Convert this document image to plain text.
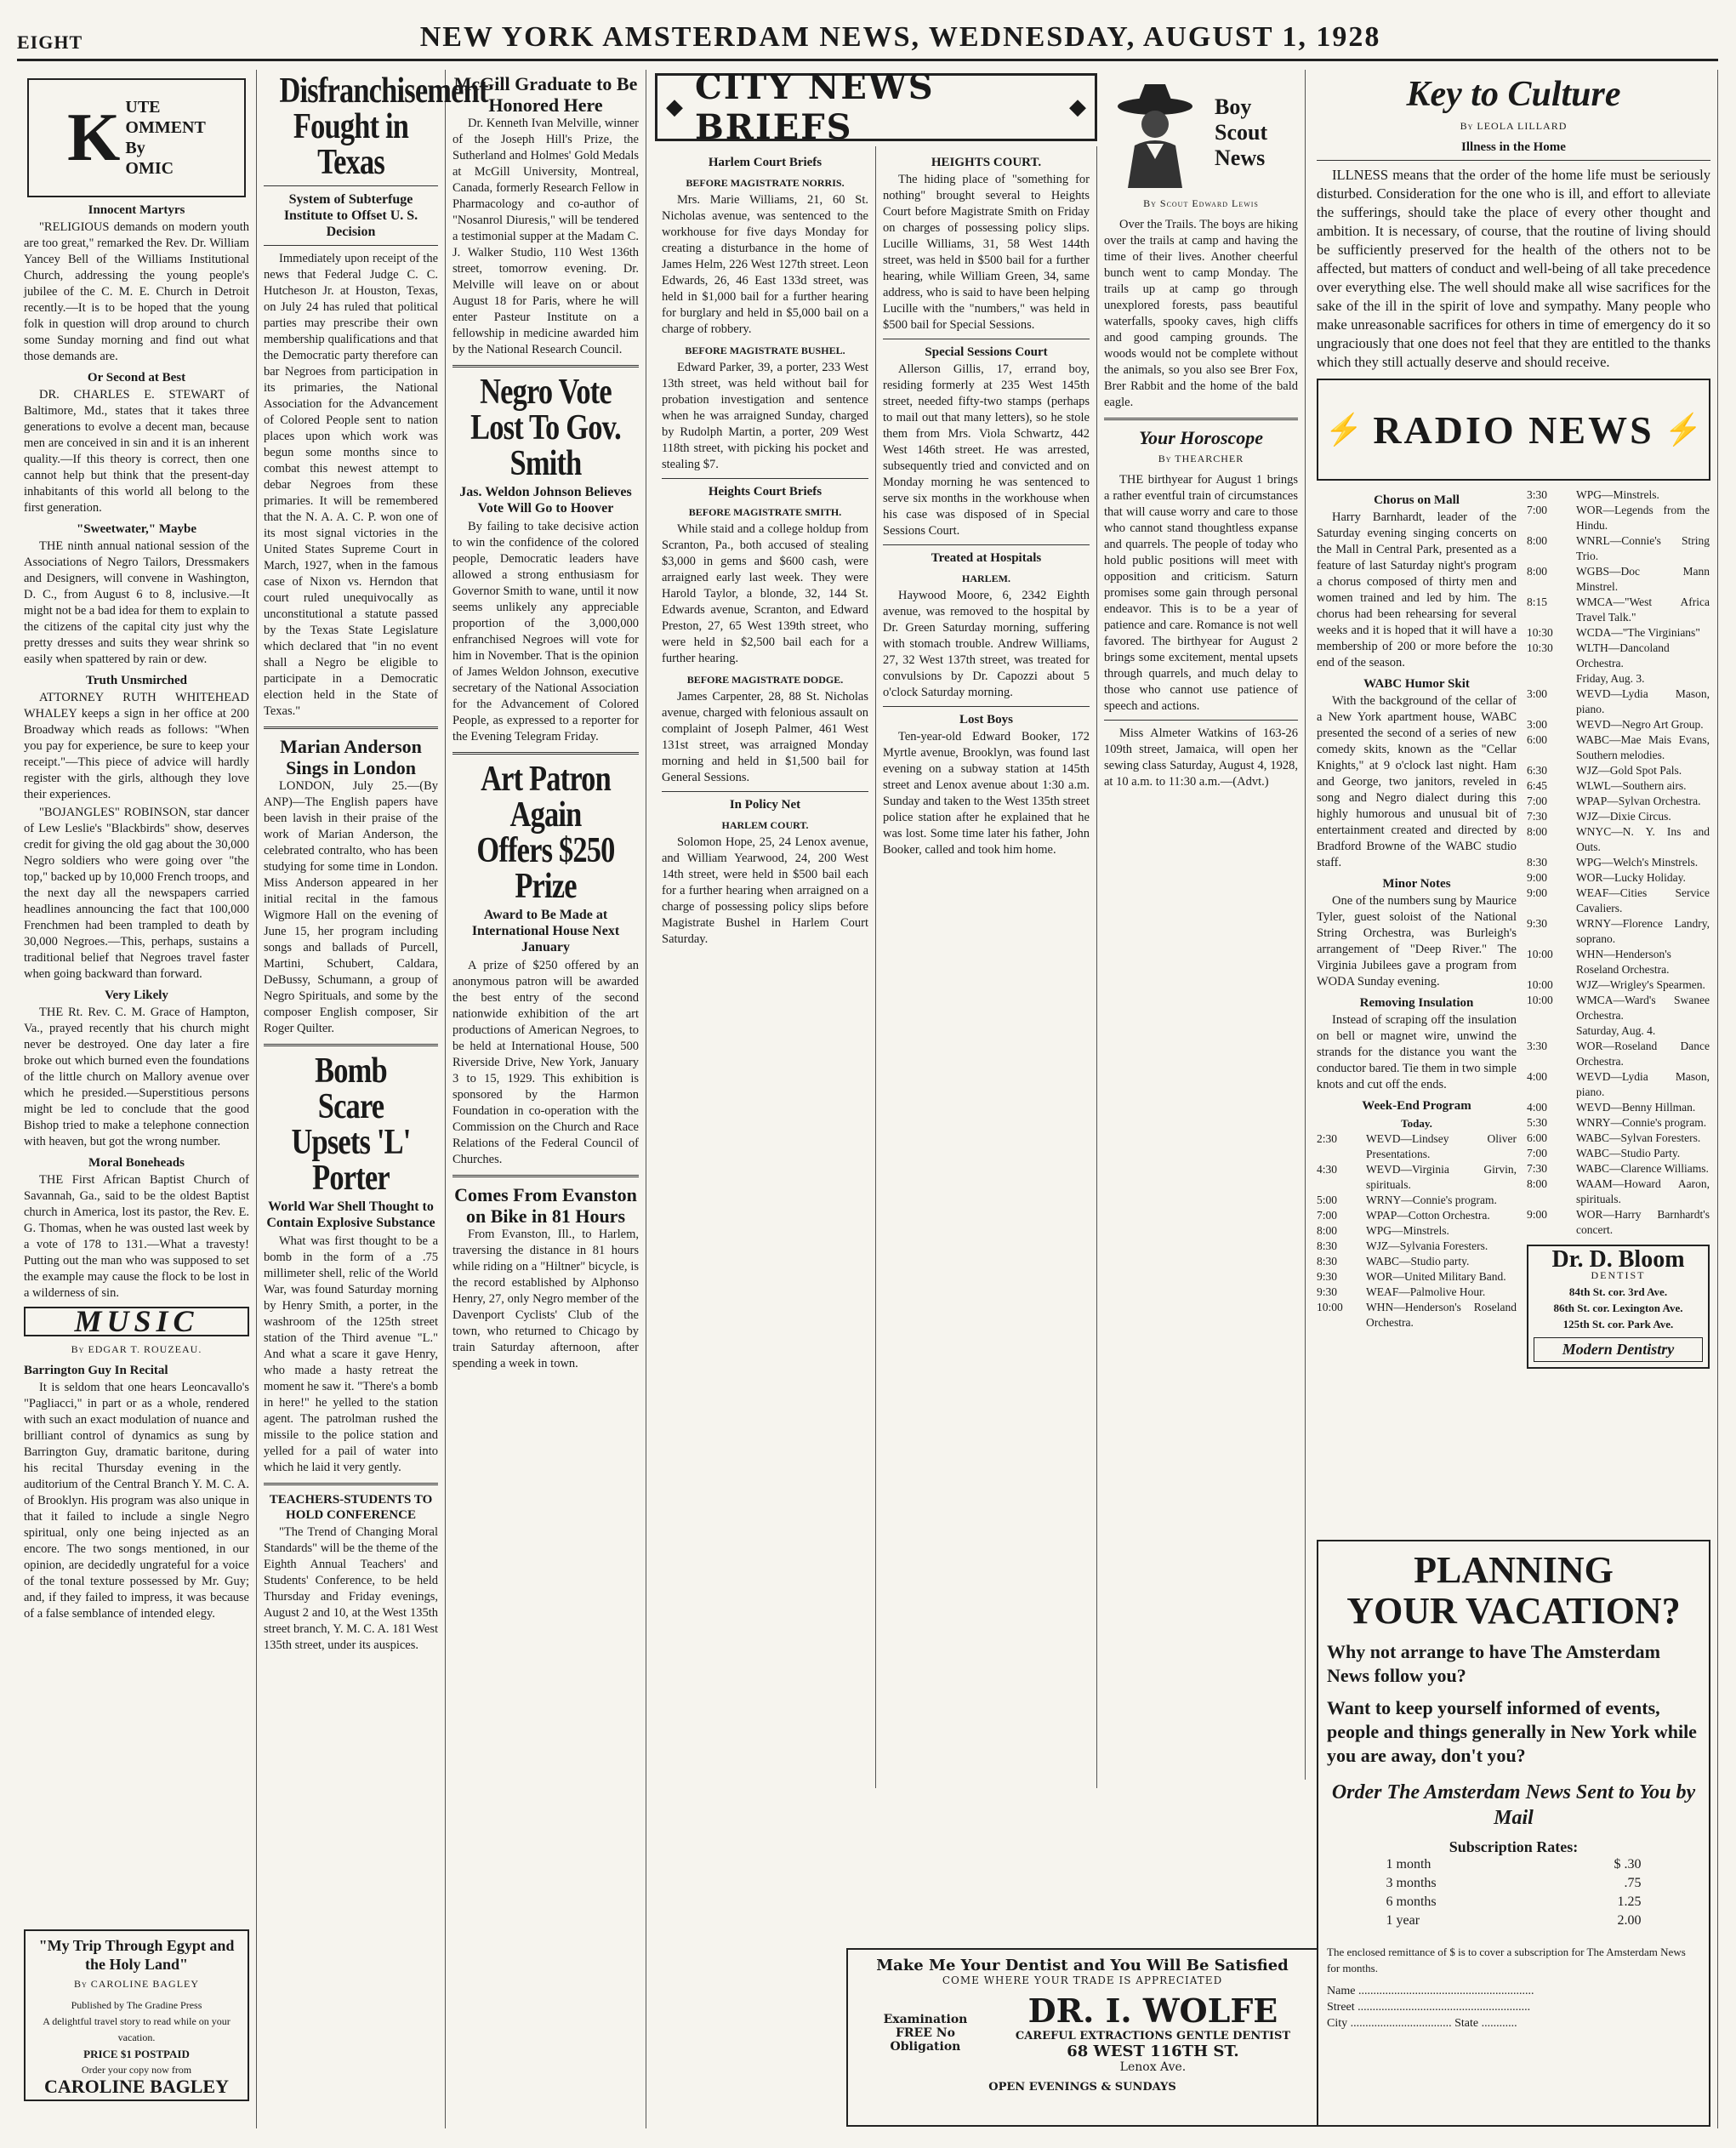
EIGHT	NEW YORK AMSTERDAM NEWS, WEDNESDAY, AUGUST 1, 1928
K UTE
OMMENT
By
OMIC
Innocent Martyrs

"RELIGIOUS demands on modern youth are too great," remarked the Rev. Dr. William Yancey Bell of the Williams Institutional Church, addressing the young people's jubilee of the C. M. E. Church in Detroit recently.—It is to be hoped that the young folk in question will drop around to church some Sunday morning and find out what those demands are.

Or Second at Best

DR. CHARLES E. STEWART of Baltimore, Md., states that it takes three generations to evolve a decent man, because men are conceived in sin and it is an inherent quality.—If this theory is correct, then one cannot help but think that the present-day inhabitants of this world all belong to the first generation.

"Sweetwater," Maybe

THE ninth annual national session of the Associations of Negro Tailors, Dressmakers and Designers, will convene in Washington, D. C., from August 6 to 8, inclusive.—It might not be a bad idea for them to explain to the citizens of the capital city just why the pretty dresses and suits they wear shrink so easily when spattered by rain or dew.

Truth Unsmirched

ATTORNEY RUTH WHITEHEAD WHALEY keeps a sign in her office at 200 Broadway which reads as follows: "When you pay for experience, be sure to keep your receipt."—This piece of advice will hardly register with the girls, although they love their experiences.

"BOJANGLES" ROBINSON, star dancer of Lew Leslie's "Blackbirds" show, deserves credit for giving the old gag about the 30,000 Negro soldiers who were going over "the top," backed up by 10,000 French troops, and the next day all the newspapers carried headlines announcing the fact that 100,000 Frenchmen had been trampled to death by 30,000 Negroes.—This, perhaps, sustains a traditional belief that Negroes travel faster when going backward than forward.

Very Likely

THE Rt. Rev. C. M. Grace of Hampton, Va., prayed recently that his church might never be destroyed. One day later a fire broke out which burned even the foundations of the little church on Mallory avenue over which he presided.—Superstitious persons might be led to conclude that the good Bishop tried to make a telephone connection with heaven, but got the wrong number.

Moral Boneheads

THE First African Baptist Church of Savannah, Ga., said to be the oldest Baptist church in America, lost its pastor, the Rev. E. G. Thomas, when he was ousted last week by a vote of 178 to 131.—What a travesty! Putting out the man who was supposed to set the example may cause the flock to be lost in a wilderness of sin.

MUSIC
By EDGAR T. ROUZEAU.
Barrington Guy In Recital

It is seldom that one hears Leoncavallo's "Pagliacci," in part or as a whole, rendered with such an exact modulation of nuance and brilliant control of dynamics as sung by Barrington Guy, dramatic baritone, during his recital Thursday evening in the auditorium of the Central Branch Y. M. C. A. of Brooklyn. His program was also unique in that it failed to include a single Negro spiritual, only one being injected as an encore. The two songs mentioned, in our opinion, are decidedly ungrateful for a voice of the tonal texture possessed by Mr. Guy; and, if they failed to impress, it was because of a false semblance of intended elegy.

"My Trip Through Egypt and the Holy Land"
By CAROLINE BAGLEY
Published by The Gradine Press
A delightful travel story to read while on your vacation.
PRICE $1 POSTPAID
Order your copy now from
CAROLINE BAGLEY
Disfranchisement Fought in Texas
System of Subterfuge Institute to Offset U. S. Decision

Immediately upon receipt of the news that Federal Judge C. C. Hutcheson Jr. at Houston, Texas, on July 24 has ruled that political parties may prescribe their own membership qualifications and that the Democratic party therefore can bar Negroes from participation in its primaries, the National Association for the Advancement of Colored People sent to nation places upon which work was begun some months since to combat this newest attempt to debar Negroes from these primaries. It will be remembered that the N. A. A. C. P. won one of its most signal victories in the United States Supreme Court in March, 1927, when in the famous case of Nixon vs. Herndon that court ruled unequivocally as unconstitutional a statute passed by the Texas State Legislature which declared that "in no event shall a Negro be eligible to participate in a Democratic election held in the State of Texas."

Marian Anderson Sings in London

LONDON, July 25.—(By ANP)—The English papers have been lavish in their praise of the work of Marian Anderson, the celebrated contralto, who has been studying for some time in London. Miss Anderson appeared in her initial recital in the famous Wigmore Hall on the evening of June 15, her program including songs and ballads of Purcell, Martini, Schubert, Caldara, DeBussy, Schumann, a group of Negro Spirituals, and some by the composer English composer, Sir Roger Quilter.

Bomb Scare Upsets 'L' Porter
World War Shell Thought to Contain Explosive Substance

What was first thought to be a bomb in the form of a .75 millimeter shell, relic of the World War, was found Saturday morning by Henry Smith, a porter, in the washroom of the 125th street station of the Third avenue "L." And what a scare it gave Henry, who made a hasty retreat the moment he saw it. "There's a bomb in here!" he yelled to the station agent. The patrolman rushed the missile to the police station and yelled for a pail of water into which he laid it very gently.

TEACHERS-STUDENTS TO HOLD CONFERENCE

"The Trend of Changing Moral Standards" will be the theme of the Eighth Annual Teachers' and Students' Conference, to be held Thursday and Friday evenings, August 2 and 10, at the West 135th street branch, Y. M. C. A. 181 West 135th street, under its auspices.

McGill Graduate to Be Honored Here

Dr. Kenneth Ivan Melville, winner of the Joseph Hill's Prize, the Sutherland and Holmes' Gold Medals at McGill University, Montreal, Canada, formerly Research Fellow in Pharmacology and co-author of "Nosanrol Diuresis," will be tendered a testimonial supper at the Madam C. J. Walker Studio, 110 West 136th street, tomorrow evening. Dr. Melville will leave on or about August 18 for Paris, where he will enter Pasteur Institute on a fellowship in medicine awarded him by the National Research Council.

Negro Vote Lost To Gov. Smith
Jas. Weldon Johnson Believes Vote Will Go to Hoover

By failing to take decisive action to win the confidence of the colored people, Democratic leaders have allowed a strong enthusiasm for Governor Smith to wane, until it now seems unlikely any appreciable proportion of the 3,000,000 enfranchised Negroes will vote for him in November. That is the opinion of James Weldon Johnson, executive secretary of the National Association for the Advancement of Colored People, as expressed to a reporter for the Evening Telegram Friday.

Art Patron Again Offers $250 Prize
Award to Be Made at International House Next January

A prize of $250 offered by an anonymous patron will be awarded the best entry of the second nationwide exhibition of the art productions of American Negroes, to be held at International House, 500 Riverside Drive, New York, January 3 to 15, 1929. This exhibition is sponsored by the Harmon Foundation in co-operation with the Commission on the Church and Race Relations of the Federal Council of Churches.

Comes From Evanston on Bike in 81 Hours

From Evanston, Ill., to Harlem, traversing the distance in 81 hours while riding on a "Hiltner" bicycle, is the record established by Alphonso Henry, 27, only Negro member of the Davenport Cyclists' Club of the town, who returned to Chicago by train Saturday afternoon, after spending a week in town.

◆ CITY NEWS BRIEFS	◆
Harlem Court Briefs
BEFORE MAGISTRATE NORRIS.

Mrs. Marie Williams, 21, 60 St. Nicholas avenue, was sentenced to the workhouse for five days Monday for creating a disturbance in the home of James Helm, 226 West 127th street. Leon Edwards, 26, 46 East 133d street, was held in $1,000 bail for a further hearing for burglary and held in $5,000 bail on a charge of robbery.

BEFORE MAGISTRATE BUSHEL.

Edward Parker, 39, a porter, 233 West 13th street, was held without bail for probation investigation and sentence when he was arraigned Sunday, charged by Rudolph Martin, a porter, 209 West 118th street, with picking his pocket and stealing $7.

Heights Court Briefs
BEFORE MAGISTRATE SMITH.

While staid and a college holdup from Scranton, Pa., both accused of stealing $3,000 in gems and $600 cash, were arraigned early last week. They were Harold Taylor, a blonde, 32, 144 St. Edwards avenue, Scranton, and Edward Preston, 27, 65 West 139th street, who were held in $2,500 bail each for a further hearing.

BEFORE MAGISTRATE DODGE.

James Carpenter, 28, 88 St. Nicholas avenue, charged with felonious assault on complaint of Joseph Palmer, 461 West 131st street, was arraigned Monday morning and held in $1,500 bail for General Sessions.

In Policy Net
HARLEM COURT.

Solomon Hope, 25, 24 Lenox avenue, and William Yearwood, 24, 200 West 14th street, were held in $500 bail each for a further hearing when arraigned on a charge of possessing policy slips before Magistrate Bushel in Harlem Court Saturday.

HEIGHTS COURT.

The hiding place of "something for nothing" brought several to Heights Court before Magistrate Smith on Friday on charges of possessing policy slips. Lucille Williams, 31, 58 West 144th street, was held in $500 bail for a further hearing, while William Green, 34, same address, who is said to have been helping Lucille with the "numbers," was held in $500 bail for Special Sessions.

Special Sessions Court

Allerson Gillis, 17, errand boy, residing formerly at 235 West 145th street, needed fifty-two stamps (perhaps to mail out that many letters), so he stole them from Mrs. Viola Schwartz, 442 West 146th street. He was arrested, subsequently tried and convicted and on Monday morning he was sentenced to serve six months in the workhouse when his case was disposed of in Special Sessions Court.

Treated at Hospitals
HARLEM.

Haywood Moore, 6, 2342 Eighth avenue, was removed to the hospital by Dr. Green Saturday morning, suffering with stomach trouble. Andrew Williams, 27, 32 West 137th street, was treated for convulsions by Dr. Capozzi about 5 o'clock Saturday morning.

Lost Boys

Ten-year-old Edward Booker, 172 Myrtle avenue, Brooklyn, was found last evening on a subway station at 145th street and Lenox avenue about 1:30 a.m. Sunday and taken to the West 135th street police station after he explained that he was lost. Some time later his father, John Booker, called and took him home.

Boy Scout News
By Scout Edward Lewis

Over the Trails. The boys are hiking over the trails at camp and having the time of their lives. Another cheerful bunch went to camp Monday. The trails up at camp go through unexplored forests, pass beautiful waterfalls, spooky caves, high cliffs and good camping grounds. The woods would not be complete without the animals, so you also see Brer Fox, Brer Rabbit and the home of the bald eagle.

Your Horoscope
By THEARCHER

THE birthyear for August 1 brings a rather eventful train of circumstances that will cause worry and care to those who cannot stand thoughtless expanse and quarrels. The people of today who hold public positions will meet with opposition and criticism. Saturn promises some gain through personal endeavor. This is to be a year of patience and care. Romance is not well favored. The birthyear for August 2 brings some excitement, mental upsets through quarrels, and much delay to those who cannot use patience of speech and actions.

Miss Almeter Watkins of 163-26 109th street, Jamaica, will open her sewing class Saturday, August 4, 1928, at 10 a.m. to 11:30 a.m.—(Advt.)

Make Me Your Dentist and You Will Be Satisfied
COME WHERE YOUR TRADE IS APPRECIATED
Examination FREE No Obligation
DR. I. WOLFE
CAREFUL EXTRACTIONS GENTLE DENTIST
68 WEST 116TH ST.
Lenox Ave.
OPEN EVENINGS & SUNDAYS
Key to Culture
By LEOLA LILLARD
Illness in the Home

ILLNESS means that the order of the home life must be seriously disturbed. Consideration for the one who is ill, and effort to alleviate the sufferings, should take the place of every other thought and ambition. It is necessary, of course, that the routine of living should be sufficiently preserved for the health of the others not to be affected, but matters of conduct and well-being of all take precedence over everything else. The well should make all wise sacrifices for the sake of the ill in the spirit of love and sympathy. Many people who make unreasonable sacrifices for others in time of emergency do it so ungraciously that one does not feel that they are entitled to the thanks which they still actually deserve and should receive.

⚡ RADIO NEWS ⚡
Chorus on Mall

Harry Barnhardt, leader of the Saturday evening singing concerts on the Mall in Central Park, presented as a feature of last Saturday night's program a chorus composed of thirty men and women trained and led by him. The chorus had been rehearsing for several weeks and it is hoped that it will have a membership of 200 or more before the end of the season.

WABC Humor Skit

With the background of the cellar of a New York apartment house, WABC presented the second of a series of new comedy skits, known as the "Cellar Knights," at 9 o'clock last night. Ham and George, two janitors, reveled in song and Negro dialect during this highly humorous and unusual bit of entertainment created and directed by Bradford Browne of the WABC studio staff.

Minor Notes

One of the numbers sung by Maurice Tyler, guest soloist of the National String Orchestra, was Burleigh's arrangement of "Deep River." The Virginia Jubilees gave a program from WODA Sunday evening.

Removing Insulation

Instead of scraping off the insulation on bell or magnet wire, unwind the strands for the distance you want the conductor bared. Tie them in two simple knots and cut off the ends.

Week-End Program
Today.
2:30	WEVD—Lindsey Oliver Presentations.
4:30	WEVD—Virginia Girvin, spirituals.
5:00	WRNY—Connie's program.
7:00	WPAP—Cotton Orchestra.
8:00	WPG—Minstrels.
8:30	WJZ—Sylvania Foresters.
8:30	WABC—Studio party.
9:30	WOR—United Military Band.
9:30	WEAF—Palmolive Hour.
10:00	WHN—Henderson's Roseland Orchestra.
3:30	WPG—Minstrels.
7:00	WOR—Legends from the Hindu.
8:00	WNRL—Connie's String Trio.
8:00	WGBS—Doc Mann Minstrel.
8:15	WMCA—"West Africa Travel Talk."
10:30	WCDA—"The Virginians"
10:30	WLTH—Dancoland Orchestra.
Friday, Aug. 3.
3:00	WEVD—Lydia Mason, piano.
3:00	WEVD—Negro Art Group.
6:00	WABC—Mae Mais Evans, Southern melodies.
6:30	WJZ—Gold Spot Pals.
6:45	WLWL—Southern airs.
7:00	WPAP—Sylvan Orchestra.
7:30	WJZ—Dixie Circus.
8:00	WNYC—N. Y. Ins and Outs.
8:30	WPG—Welch's Minstrels.
9:00	WOR—Lucky Holiday.
9:00	WEAF—Cities Service Cavaliers.
9:30	WRNY—Florence Landry, soprano.
10:00	WHN—Henderson's Roseland Orchestra.
10:00	WJZ—Wrigley's Spearmen.
10:00	WMCA—Ward's Swanee Orchestra.
Saturday, Aug. 4.
3:30	WOR—Roseland Dance Orchestra.
4:00	WEVD—Lydia Mason, piano.
4:00	WEVD—Benny Hillman.
5:30	WNRY—Connie's program.
6:00	WABC—Sylvan Foresters.
7:00	WABC—Studio Party.
7:30	WABC—Clarence Williams.
8:00	WAAM—Howard Aaron, spirituals.
9:00	WOR—Harry Barnhardt's concert.
Dr. D. Bloom
DENTIST
84th St. cor. 3rd Ave.
86th St. cor. Lexington Ave.
125th St. cor. Park Ave.
Modern Dentistry
PLANNING
YOUR VACATION?
Why not arrange to have The Amsterdam News follow you?
Want to keep yourself informed of events, people and things generally in New York while you are away, don't you?
Order The Amsterdam News Sent to You by Mail
Subscription Rates:
1 month	$ .30
3 months	.75
6 months	1.25
1 year	2.00
The enclosed remittance of $ is to cover a subscription for The Amsterdam News for months.
Name ...........................................................
Street ..........................................................
City .................................. State ............
